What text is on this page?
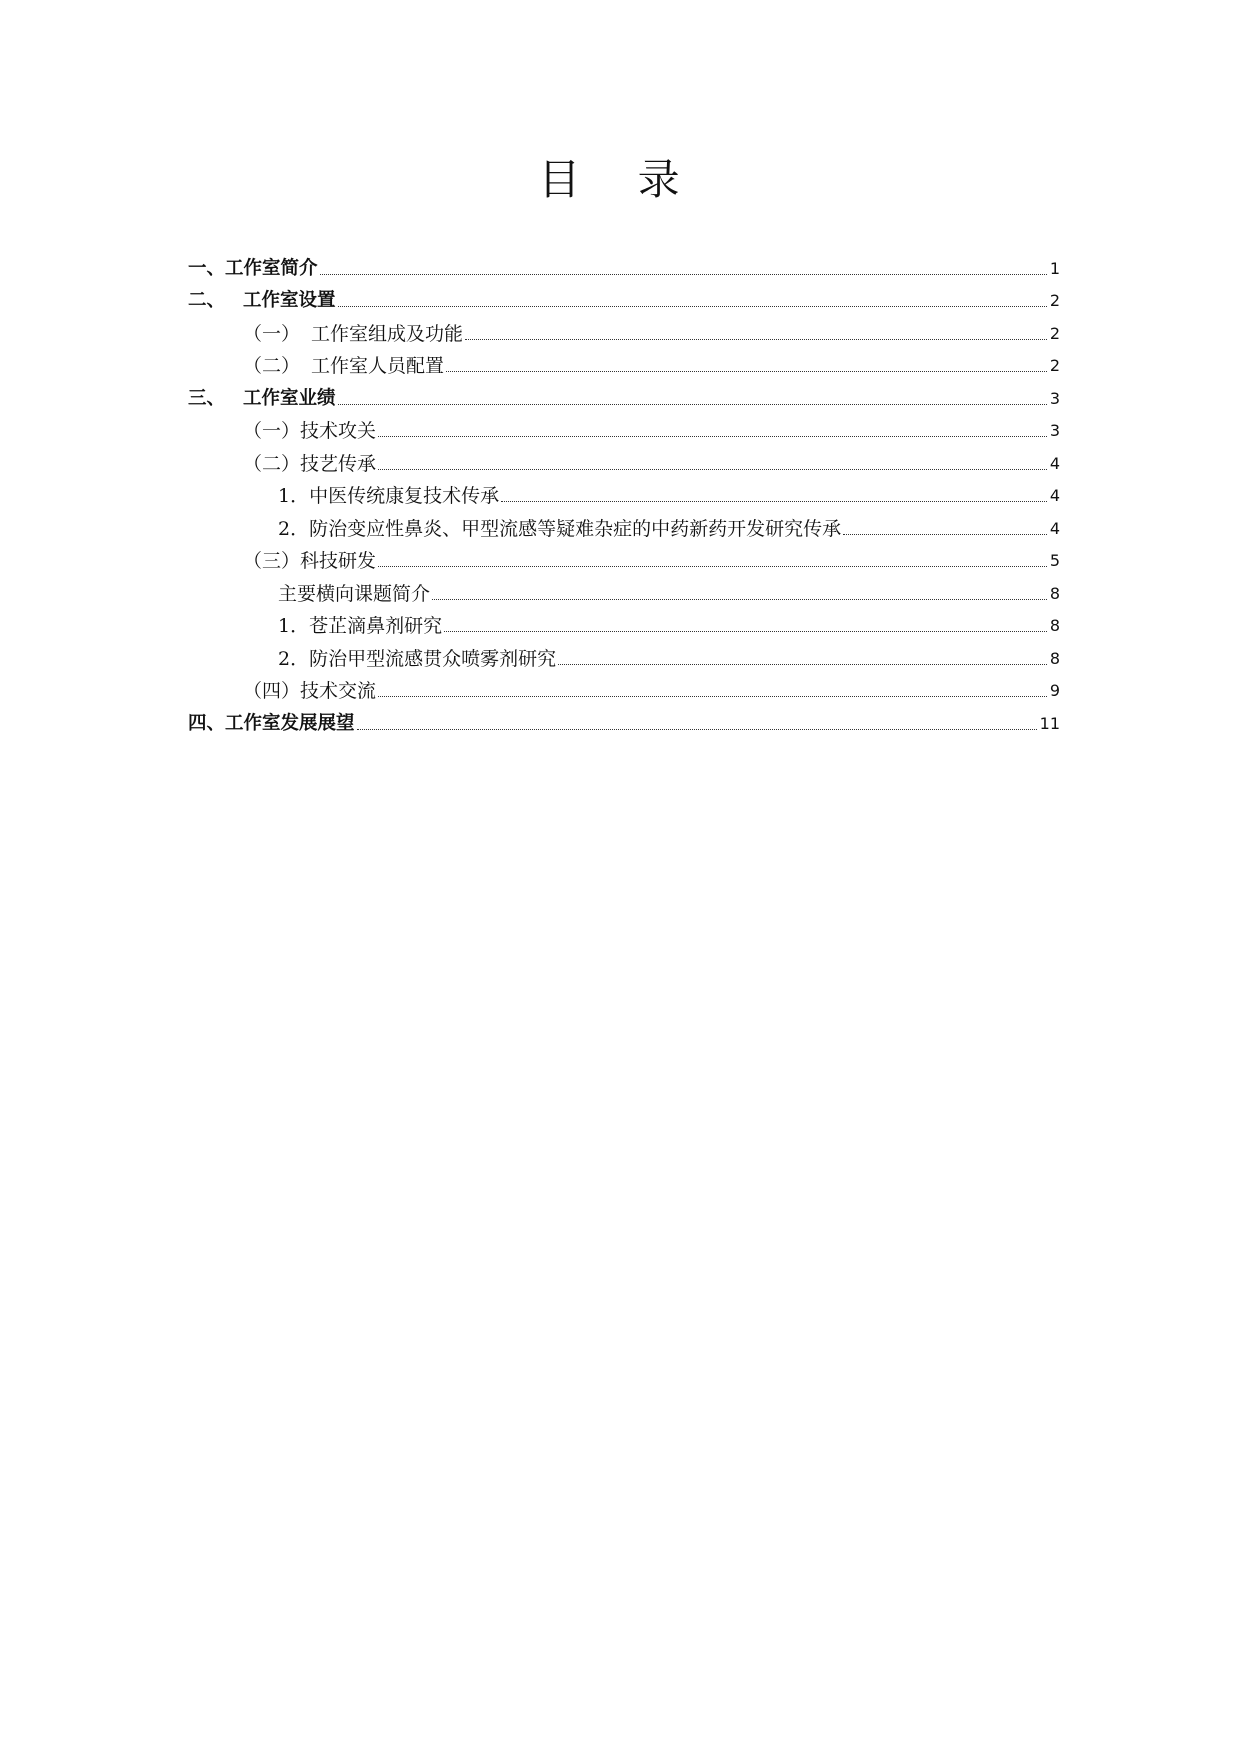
目 录
一、工作室简介	1
二、 工作室设置	2
（一） 工作室组成及功能	2
（二） 工作室人员配置	2
三、 工作室业绩	3
（一）技术攻关	3
（二）技艺传承	4
1．中医传统康复技术传承	4
2．防治变应性鼻炎、甲型流感等疑难杂症的中药新药开发研究传承	4
（三）科技研发	5
主要横向课题简介	8
1．苍芷滴鼻剂研究	8
2．防治甲型流感贯众喷雾剂研究	8
（四）技术交流	9
四、工作室发展展望	11
